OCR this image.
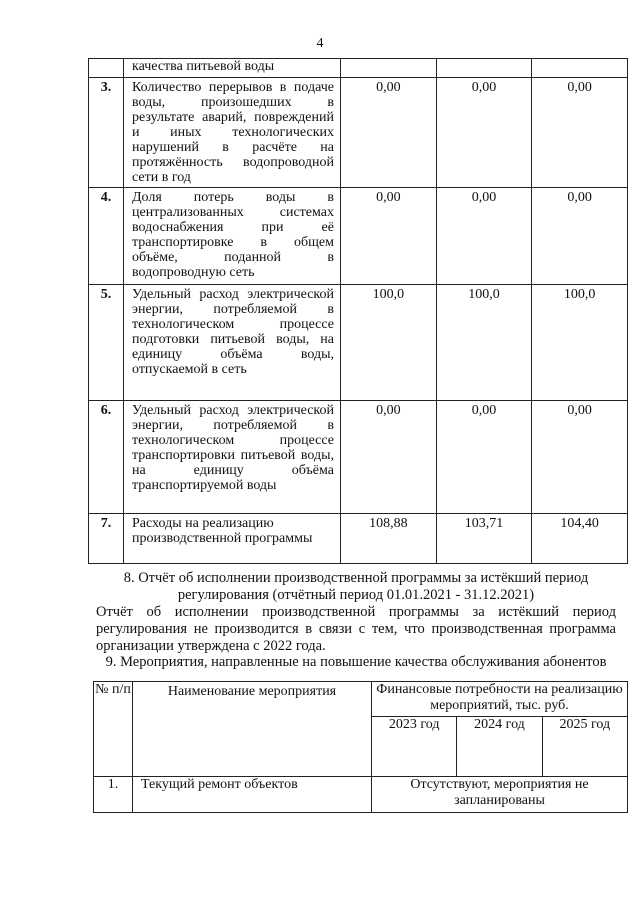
4
	качества питьевой воды			
3.	Количество перерывов в подаче воды, произошедших в результате аварий, повреждений и иных технологических нарушений в расчёте на протяжённость водопроводной сети в год	0,00	0,00	0,00
4.	Доля потерь воды в централизованных системах водоснабжения при её транспортировке в общем объёме, поданной в водопроводную сеть	0,00	0,00	0,00
5.	Удельный расход электрической энергии, потребляемой в технологическом процессе подготовки питьевой воды, на единицу объёма воды, отпускаемой в сеть	100,0	100,0	100,0
6.	Удельный расход электрической энергии, потребляемой в технологическом процессе транспортировки питьевой воды, на единицу объёма транспортируемой воды	0,00	0,00	0,00
7.	Расходы на реализацию производственной программы	108,88	103,71	104,40
8. Отчёт об исполнении производственной программы за истёкший период регулирования (отчётный период 01.01.2021 - 31.12.2021)
Отчёт об исполнении производственной программы за истёкший период регулирования не производится в связи с тем, что производственная программа организации утверждена с 2022 года.
9. Мероприятия, направленные на повышение качества обслуживания абонентов
№ п/п	Наименование мероприятия	Финансовые потребности на реализацию мероприятий, тыс. руб.		
		2023 год	2024 год	2025 год
1.	Текущий ремонт объектов	Отсутствуют, мероприятия не запланированы		
